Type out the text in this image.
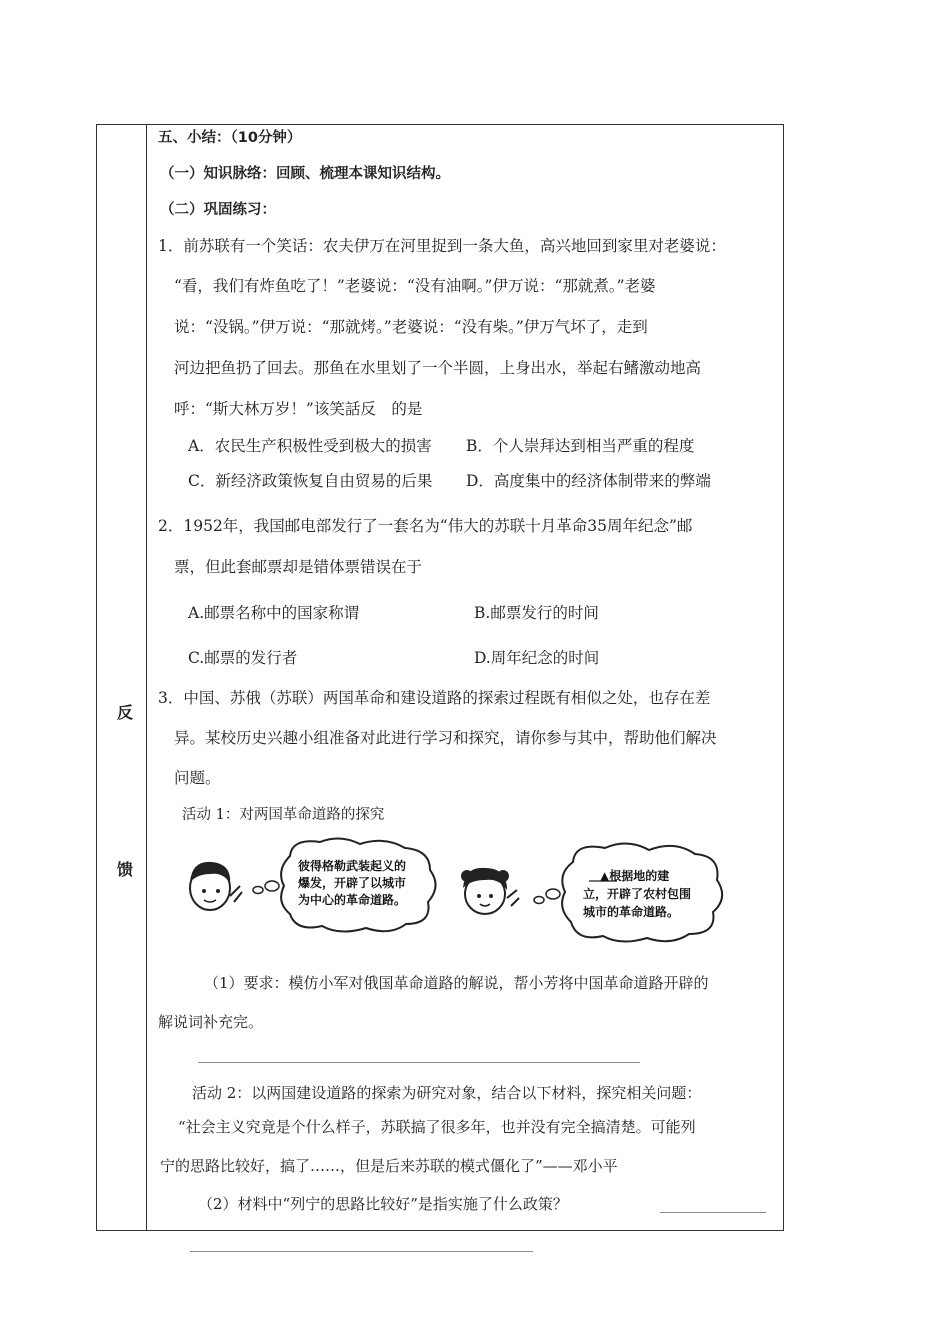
反
馈
五、小结：（10分钟）
（一）知识脉络：回顾、梳理本课知识结构。
（二）巩固练习：
1．前苏联有一个笑话：农夫伊万在河里捉到一条大鱼，高兴地回到家里对老婆说：
“看，我们有炸鱼吃了！”老婆说：“没有油啊。”伊万说：“那就煮。”老婆
说：“没锅。”伊万说：“那就烤。”老婆说：“没有柴。”伊万气坏了，走到
河边把鱼扔了回去。那鱼在水里划了一个半圆，上身出水，举起右鳍激动地高
呼：“斯大林万岁！”该笑話反　的是
A．农民生产积极性受到极大的损害 B．个人崇拜达到相当严重的程度
C．新经济政策恢复自由贸易的后果 D．高度集中的经济体制带来的弊端
2．1952年，我国邮电部发行了一套名为“伟大的苏联十月革命35周年纪念”邮
票，但此套邮票却是错体票错误在于
A.邮票名称中的国家称谓	B.邮票发行的时间
C.邮票的发行者	D.周年纪念的时间
3．中国、苏俄（苏联）两国革命和建设道路的探索过程既有相似之处，也存在差
异。某校历史兴趣小组准备对此进行学习和探究，请你参与其中，帮助他们解决
问题。
活动 1：对两国革命道路的探究
彼得格勒武装起义的
爆发，开辟了以城市
为中心的革命道路。
▲根据地的建
立，开辟了农村包围
城市的革命道路。
（1）要求：模仿小军对俄国革命道路的解说，帮小芳将中国革命道路开辟的
解说词补充完。
活动 2：以两国建设道路的探索为研究对象，结合以下材料，探究相关问题：
“社会主义究竟是个什么样子，苏联搞了很多年，也并没有完全搞清楚。可能列
宁的思路比较好，搞了……，但是后来苏联的模式僵化了”——邓小平
（2）材料中“列宁的思路比较好”是指实施了什么政策？
